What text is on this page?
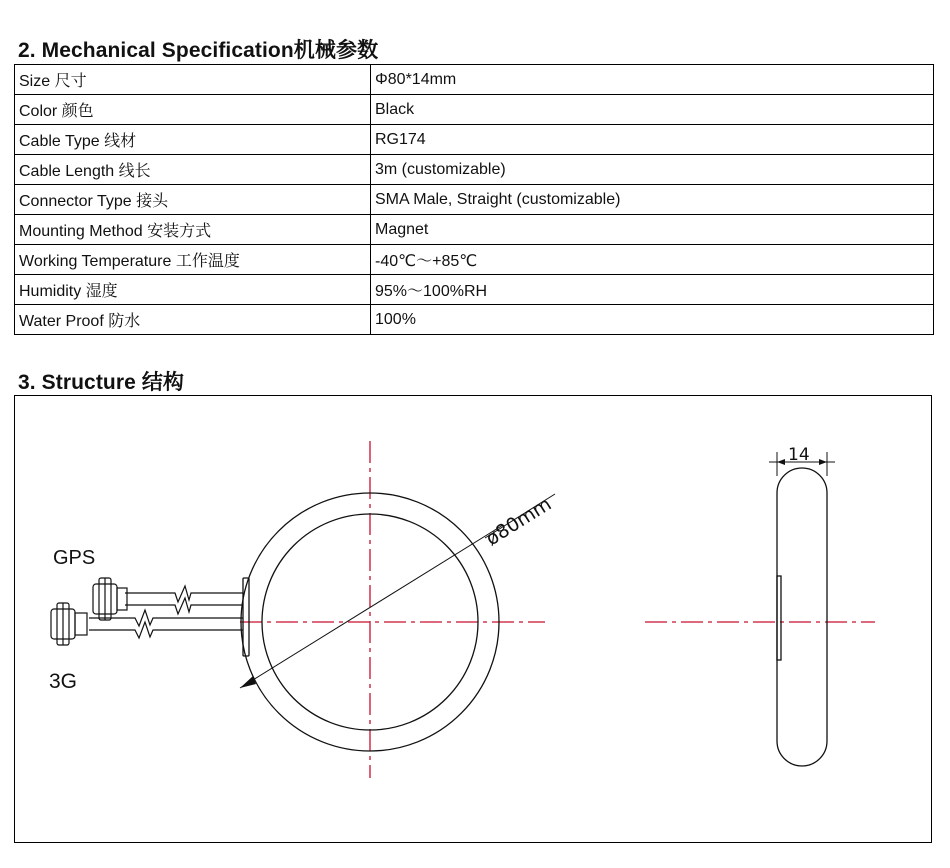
2. Mechanical Specification机械参数
Size 尺寸	Φ80*14mm
Color 颜色	Black
Cable Type 线材	RG174
Cable Length 线长	3m (customizable)
Connector Type 接头	SMA Male, Straight (customizable)
Mounting Method 安装方式	Magnet
Working Temperature 工作温度	-40℃～+85℃
Humidity 湿度	95%～100%RH
Water Proof 防水	100%
3. Structure 结构
ø80mm
GPS
3G
14
